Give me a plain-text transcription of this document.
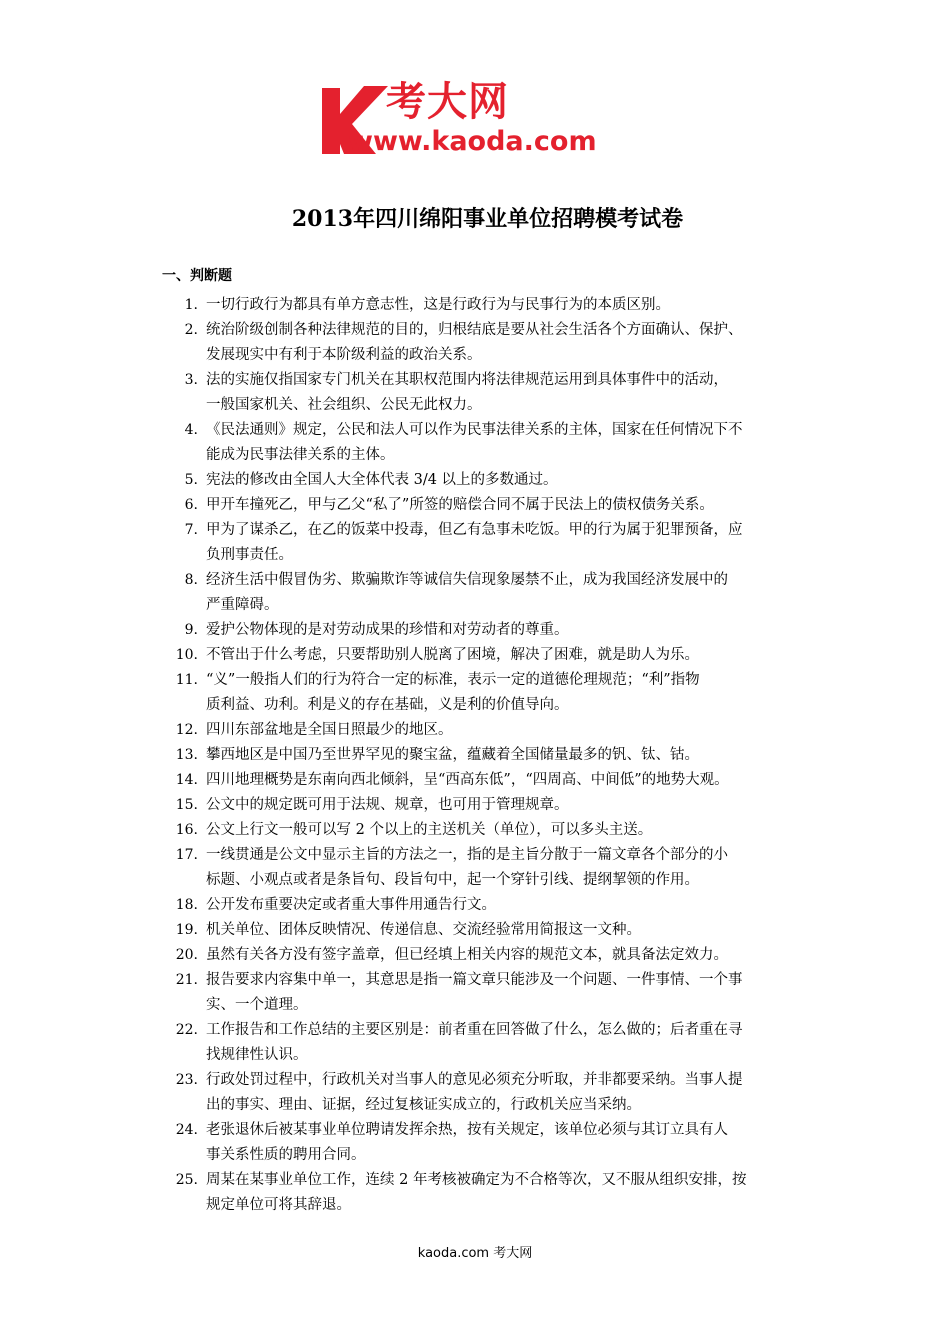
考大网
www.kaoda.com
2013年四川绵阳事业单位招聘模考试卷
一、判断题
1. 一切行政行为都具有单方意志性，这是行政行为与民事行为的本质区别。
2. 统治阶级创制各种法律规范的目的，归根结底是要从社会生活各个方面确认、保护、
发展现实中有利于本阶级利益的政治关系。
3. 法的实施仅指国家专门机关在其职权范围内将法律规范运用到具体事件中的活动，
一般国家机关、社会组织、公民无此权力。
4. 《民法通则》规定，公民和法人可以作为民事法律关系的主体，国家在任何情况下不
能成为民事法律关系的主体。
5. 宪法的修改由全国人大全体代表 3/4 以上的多数通过。
6. 甲开车撞死乙，甲与乙父“私了”所签的赔偿合同不属于民法上的债权债务关系。
7. 甲为了谋杀乙，在乙的饭菜中投毒，但乙有急事未吃饭。甲的行为属于犯罪预备，应
负刑事责任。
8. 经济生活中假冒伪劣、欺骗欺诈等诚信失信现象屡禁不止，成为我国经济发展中的
严重障碍。
9. 爱护公物体现的是对劳动成果的珍惜和对劳动者的尊重。
10. 不管出于什么考虑，只要帮助别人脱离了困境，解决了困难，就是助人为乐。
11. “义”一般指人们的行为符合一定的标准，表示一定的道德伦理规范；“利”指物
质利益、功利。利是义的存在基础，义是利的价值导向。
12. 四川东部盆地是全国日照最少的地区。
13. 攀西地区是中国乃至世界罕见的聚宝盆，蕴藏着全国储量最多的钒、钛、钴。
14. 四川地理概势是东南向西北倾斜，呈“西高东低”，“四周高、中间低”的地势大观。
15. 公文中的规定既可用于法规、规章，也可用于管理规章。
16. 公文上行文一般可以写 2 个以上的主送机关（单位），可以多头主送。
17. 一线贯通是公文中显示主旨的方法之一，指的是主旨分散于一篇文章各个部分的小
标题、小观点或者是条旨句、段旨句中，起一个穿针引线、提纲挈领的作用。
18. 公开发布重要决定或者重大事件用通告行文。
19. 机关单位、团体反映情况、传递信息、交流经验常用简报这一文种。
20. 虽然有关各方没有签字盖章，但已经填上相关内容的规范文本，就具备法定效力。
21. 报告要求内容集中单一，其意思是指一篇文章只能涉及一个问题、一件事情、一个事
实、一个道理。
22. 工作报告和工作总结的主要区别是：前者重在回答做了什么，怎么做的；后者重在寻
找规律性认识。
23. 行政处罚过程中，行政机关对当事人的意见必须充分听取，并非都要采纳。当事人提
出的事实、理由、证据，经过复核证实成立的，行政机关应当采纳。
24. 老张退休后被某事业单位聘请发挥余热，按有关规定，该单位必须与其订立具有人
事关系性质的聘用合同。
25. 周某在某事业单位工作，连续 2 年考核被确定为不合格等次，又不服从组织安排，按
规定单位可将其辞退。
kaoda.com 考大网
